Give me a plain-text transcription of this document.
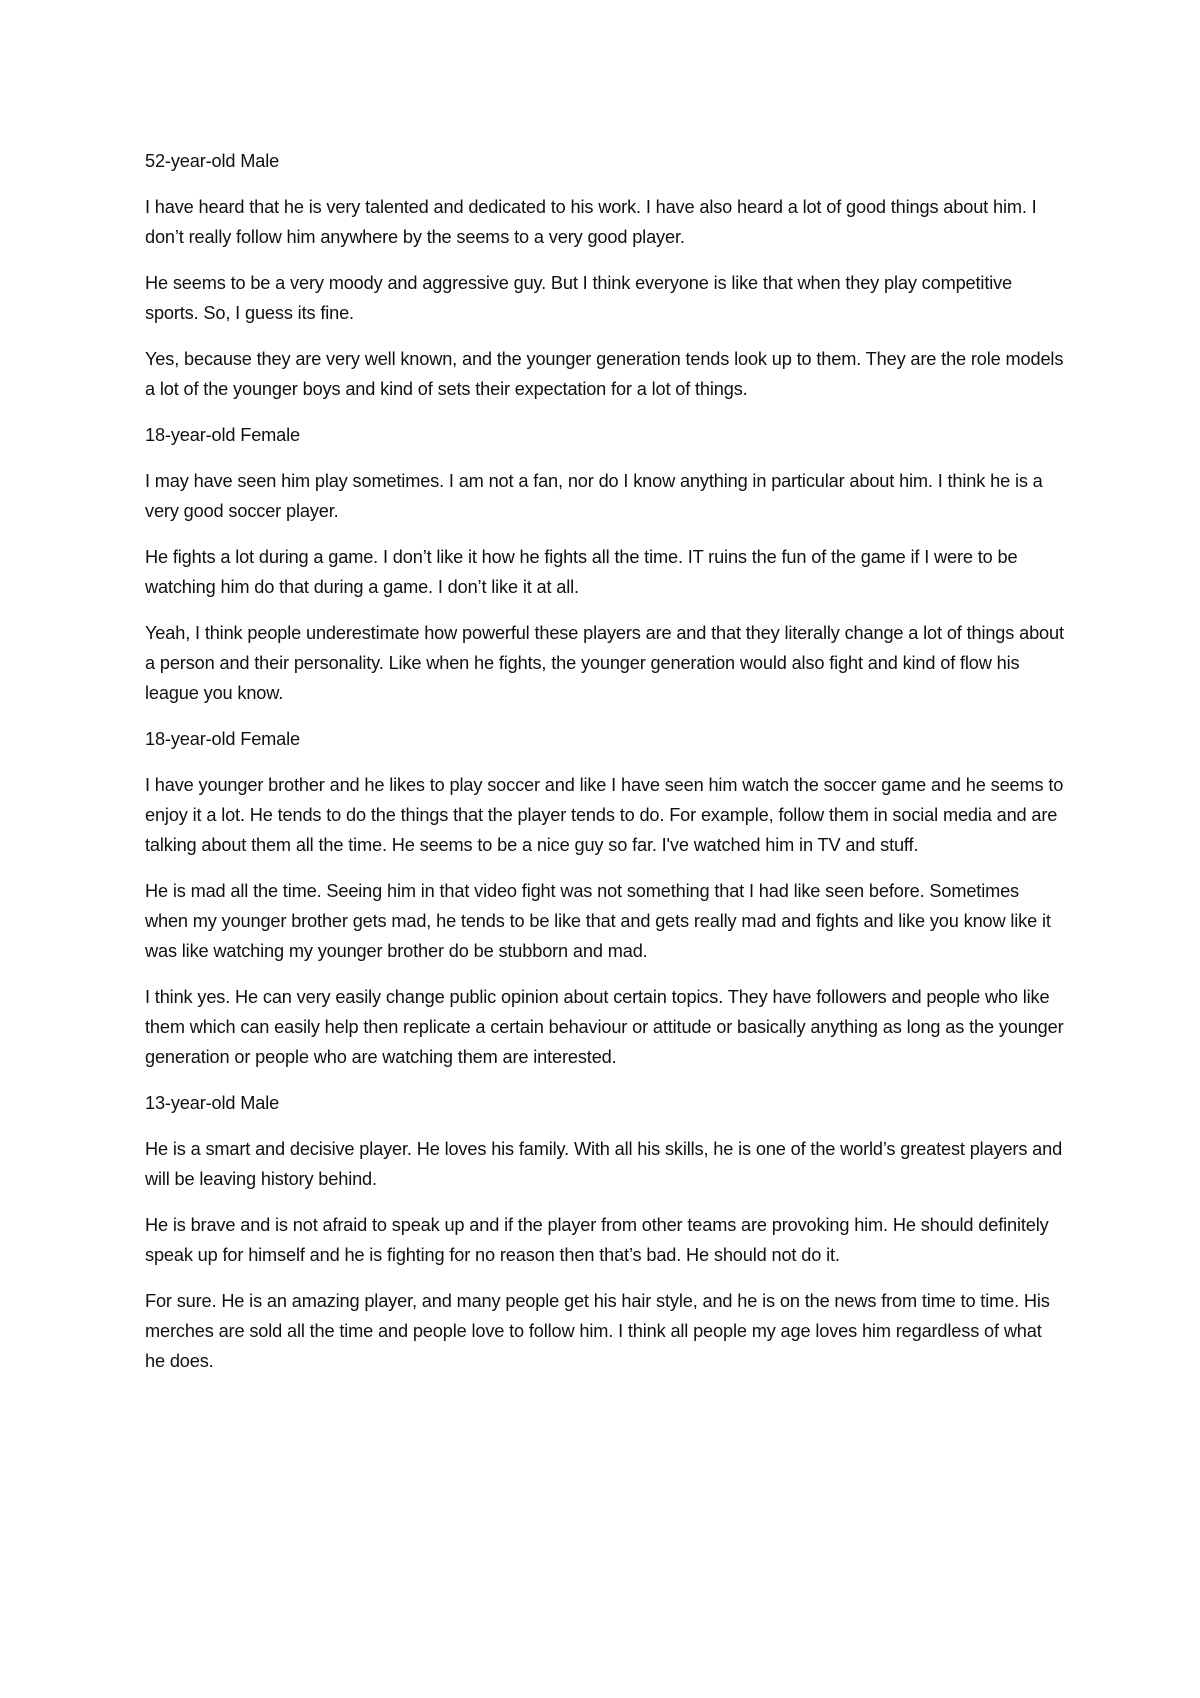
52-year-old Male

I have heard that he is very talented and dedicated to his work. I have also heard a lot of good things about him. I don’t really follow him anywhere by the seems to a very good player.

He seems to be a very moody and aggressive guy. But I think everyone is like that when they play competitive sports. So, I guess its fine.

Yes, because they are very well known, and the younger generation tends look up to them. They are the role models a lot of the younger boys and kind of sets their expectation for a lot of things.

18-year-old Female

I may have seen him play sometimes. I am not a fan, nor do I know anything in particular about him. I think he is a very good soccer player.

He fights a lot during a game. I don’t like it how he fights all the time. IT ruins the fun of the game if I were to be watching him do that during a game. I don’t like it at all.

Yeah, I think people underestimate how powerful these players are and that they literally change a lot of things about a person and their personality. Like when he fights, the younger generation would also fight and kind of flow his league you know.

18-year-old Female

I have younger brother and he likes to play soccer and like I have seen him watch the soccer game and he seems to enjoy it a lot. He tends to do the things that the player tends to do. For example, follow them in social media and are talking about them all the time. He seems to be a nice guy so far. I've watched him in TV and stuff.

He is mad all the time. Seeing him in that video fight was not something that I had like seen before. Sometimes when my younger brother gets mad, he tends to be like that and gets really mad and fights and like you know like it was like watching my younger brother do be stubborn and mad.

I think yes. He can very easily change public opinion about certain topics. They have followers and people who like them which can easily help then replicate a certain behaviour or attitude or basically anything as long as the younger generation or people who are watching them are interested.

13-year-old Male

He is a smart and decisive player. He loves his family. With all his skills, he is one of the world’s greatest players and will be leaving history behind.

He is brave and is not afraid to speak up and if the player from other teams are provoking him. He should definitely speak up for himself and he is fighting for no reason then that’s bad. He should not do it.

For sure. He is an amazing player, and many people get his hair style, and he is on the news from time to time. His merches are sold all the time and people love to follow him. I think all people my age loves him regardless of what he does.
